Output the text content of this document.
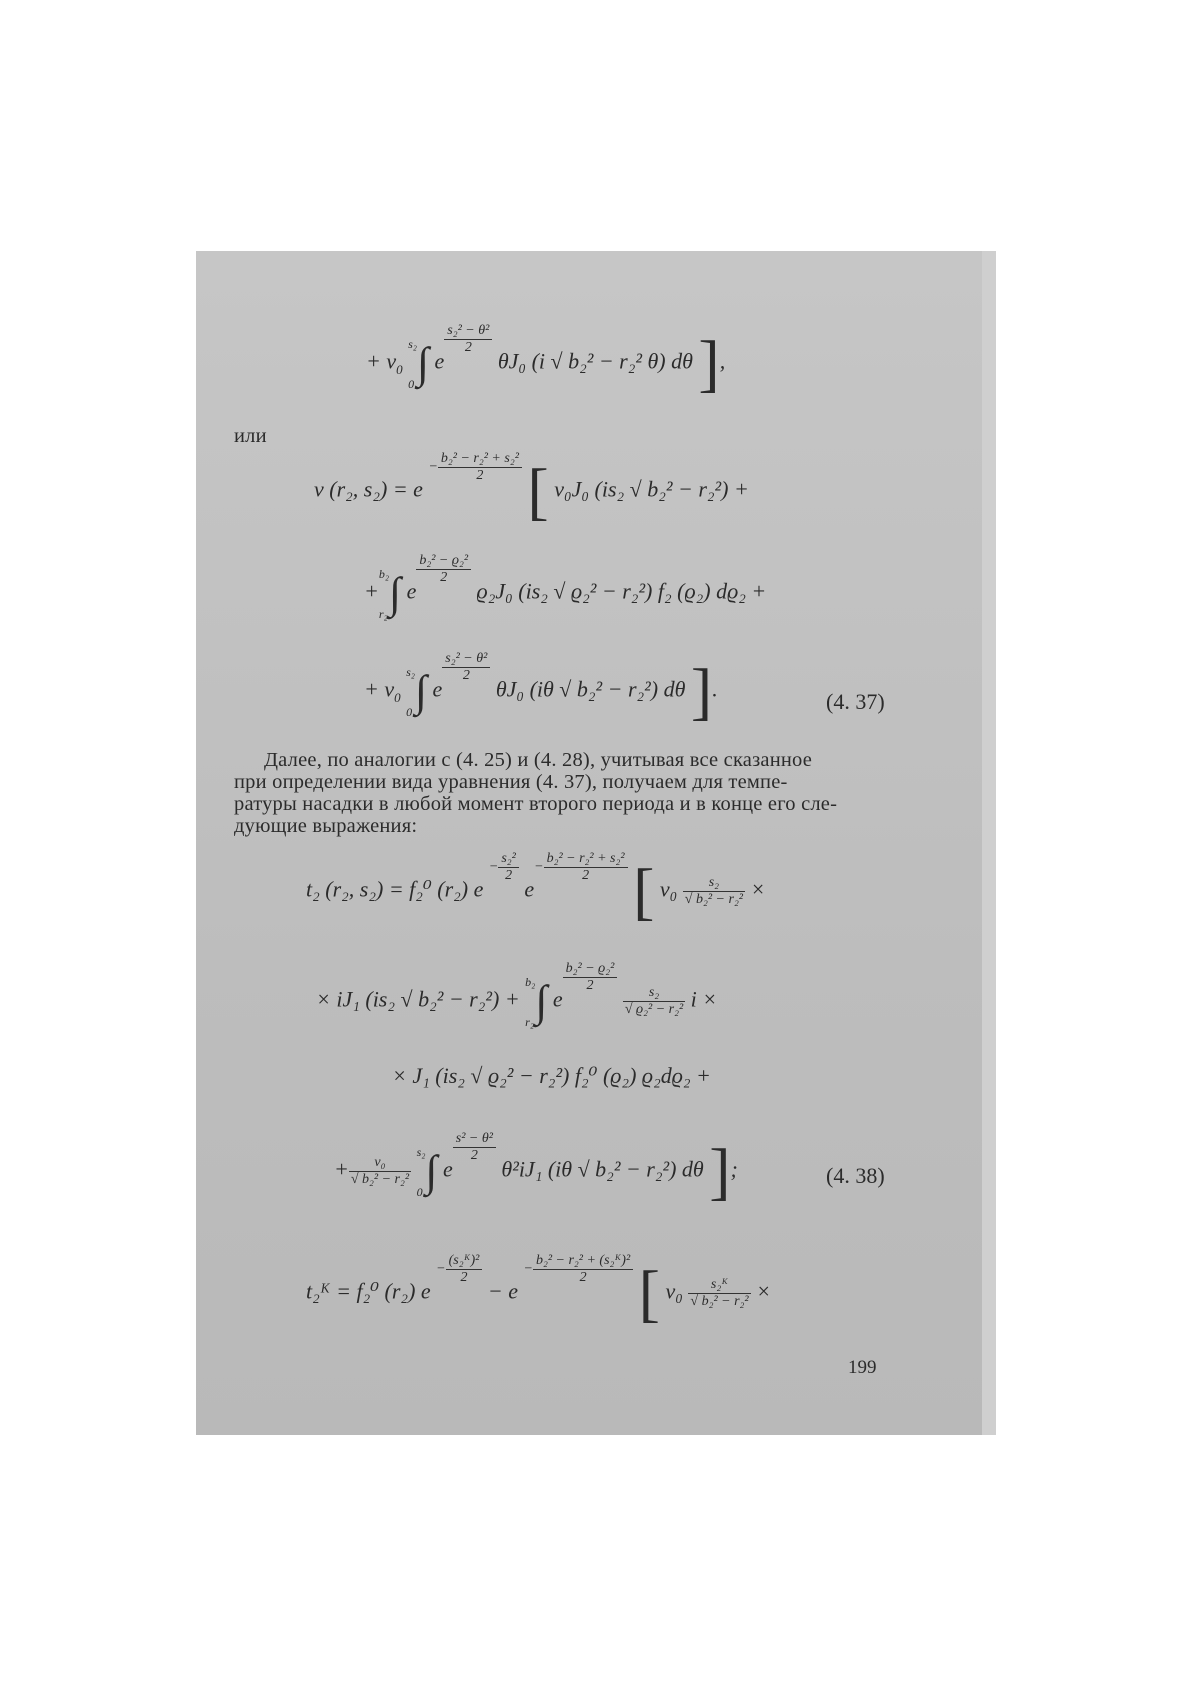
+ $v_0$ s₂
0∫ e
$\frac{\text{s₂² − θ²}}{2}$
θJ₀ (i √ b₂² − r₂² θ) dθ ],
или
v (r₂, $s_2) = e - \frac{\text{b₂² − r₂² + s₂²}}{2}$ [ v₀J₀ (is₂ √ b₂² − r₂²) +
+b₂
r₂∫ e
$\frac{\text{b₂² − ϱ₂²}}{2}$
ϱ₂J₀ (is₂ √ ϱ₂² − r₂²) f₂ (ϱ₂) dϱ₂ +
+ $v_0$ s₂
0∫ e
$\frac{\text{s₂² − θ²}}{2}$
θJ₀ (iθ √ b₂² − r₂²) dθ ].	(4. 37)
Далее, по аналогии с (4. 25) и (4. 28), учитывая все сказанное
при определении вида уравнения (4. 37), получаем для темпе-
ратуры насадки в любой момент второго периода и в конце его сле-
дующие выражения:
t₂ (r₂, s₂) = f₂⁰ (r₂) $e - \frac{\text{s₂²}}{2}$
$e- \frac{\text{b₂² − r₂² + s₂²}}{2}$ [ $v_0 \frac{\text{s₂}}{\text{√ b₂² − r₂²}}$ ×
× iJ₁ (is₂ √ b₂² − r₂²) + b₂
r₂∫ e
$\frac{\text{b₂² − ϱ₂²}}{2}$

$\frac{\text{s₂}}{\text{√ ϱ₂² − r₂²}}$ i ×
× J₁ (is₂ √ ϱ₂² − r₂²) f₂⁰ (ϱ₂) ϱ₂dϱ₂ +
+ $\frac{\text{v₀}}{\text{√ b₂² − r₂²}}$
s₂
0∫ e
$\frac{\text{s² − θ²}}{2}$
θ²iJ₁ (iθ √ b₂² − r₂²) dθ ];	(4. 38)
t₂ᴷ = f₂⁰ (r₂) $e - \frac{\text{(s₂ᴷ)²}}{2}$
− $e - \frac{\text{b₂² − r₂² + (s₂ᴷ)²}}{2}$ [ $v_0 \frac{\text{s₂ᴷ}}{\text{√ b₂² − r₂²}}$ ×
199
